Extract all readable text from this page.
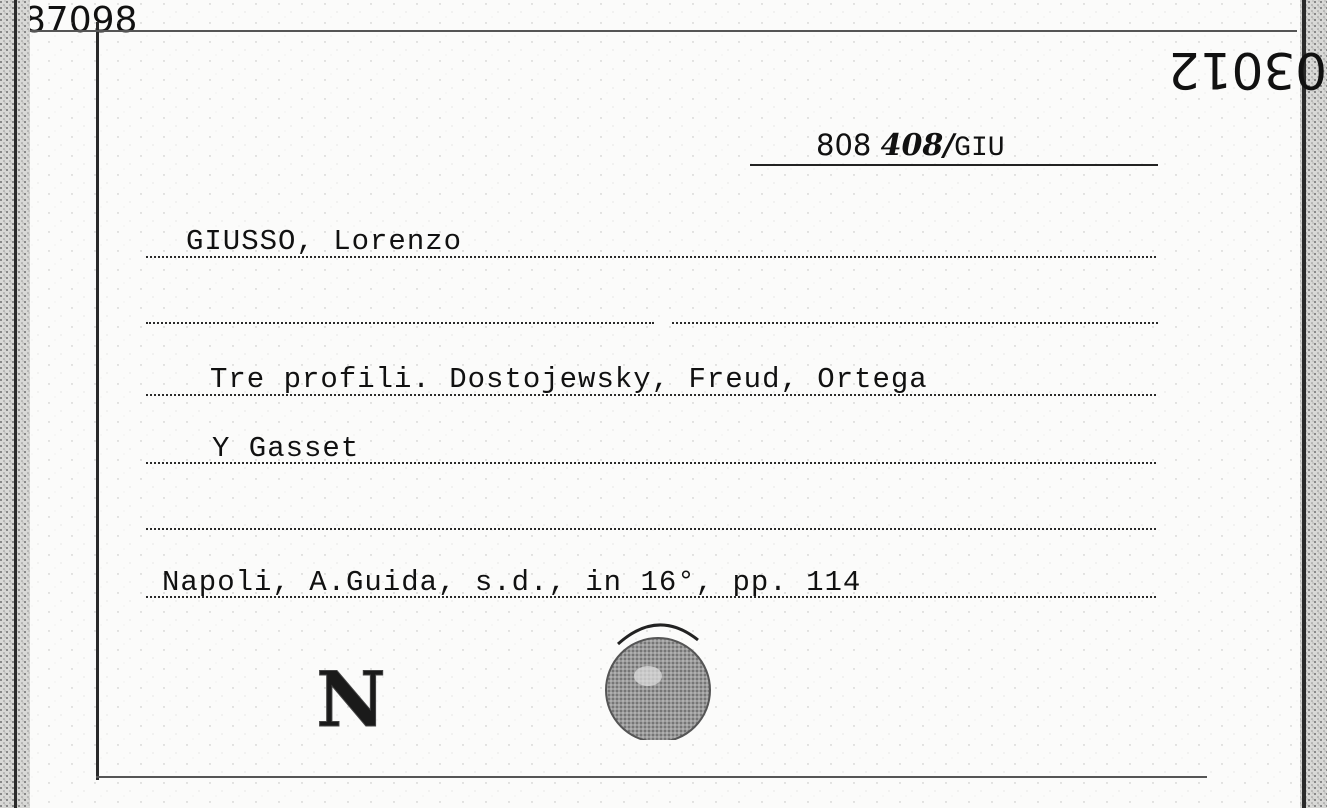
808 408/GIU
GIUSSO, Lorenzo
Tre profili. Dostojewsky, Freud, Ortega
Y Gasset
Napoli, A.Guida, s.d., in 16°, pp. 114
N
03012
